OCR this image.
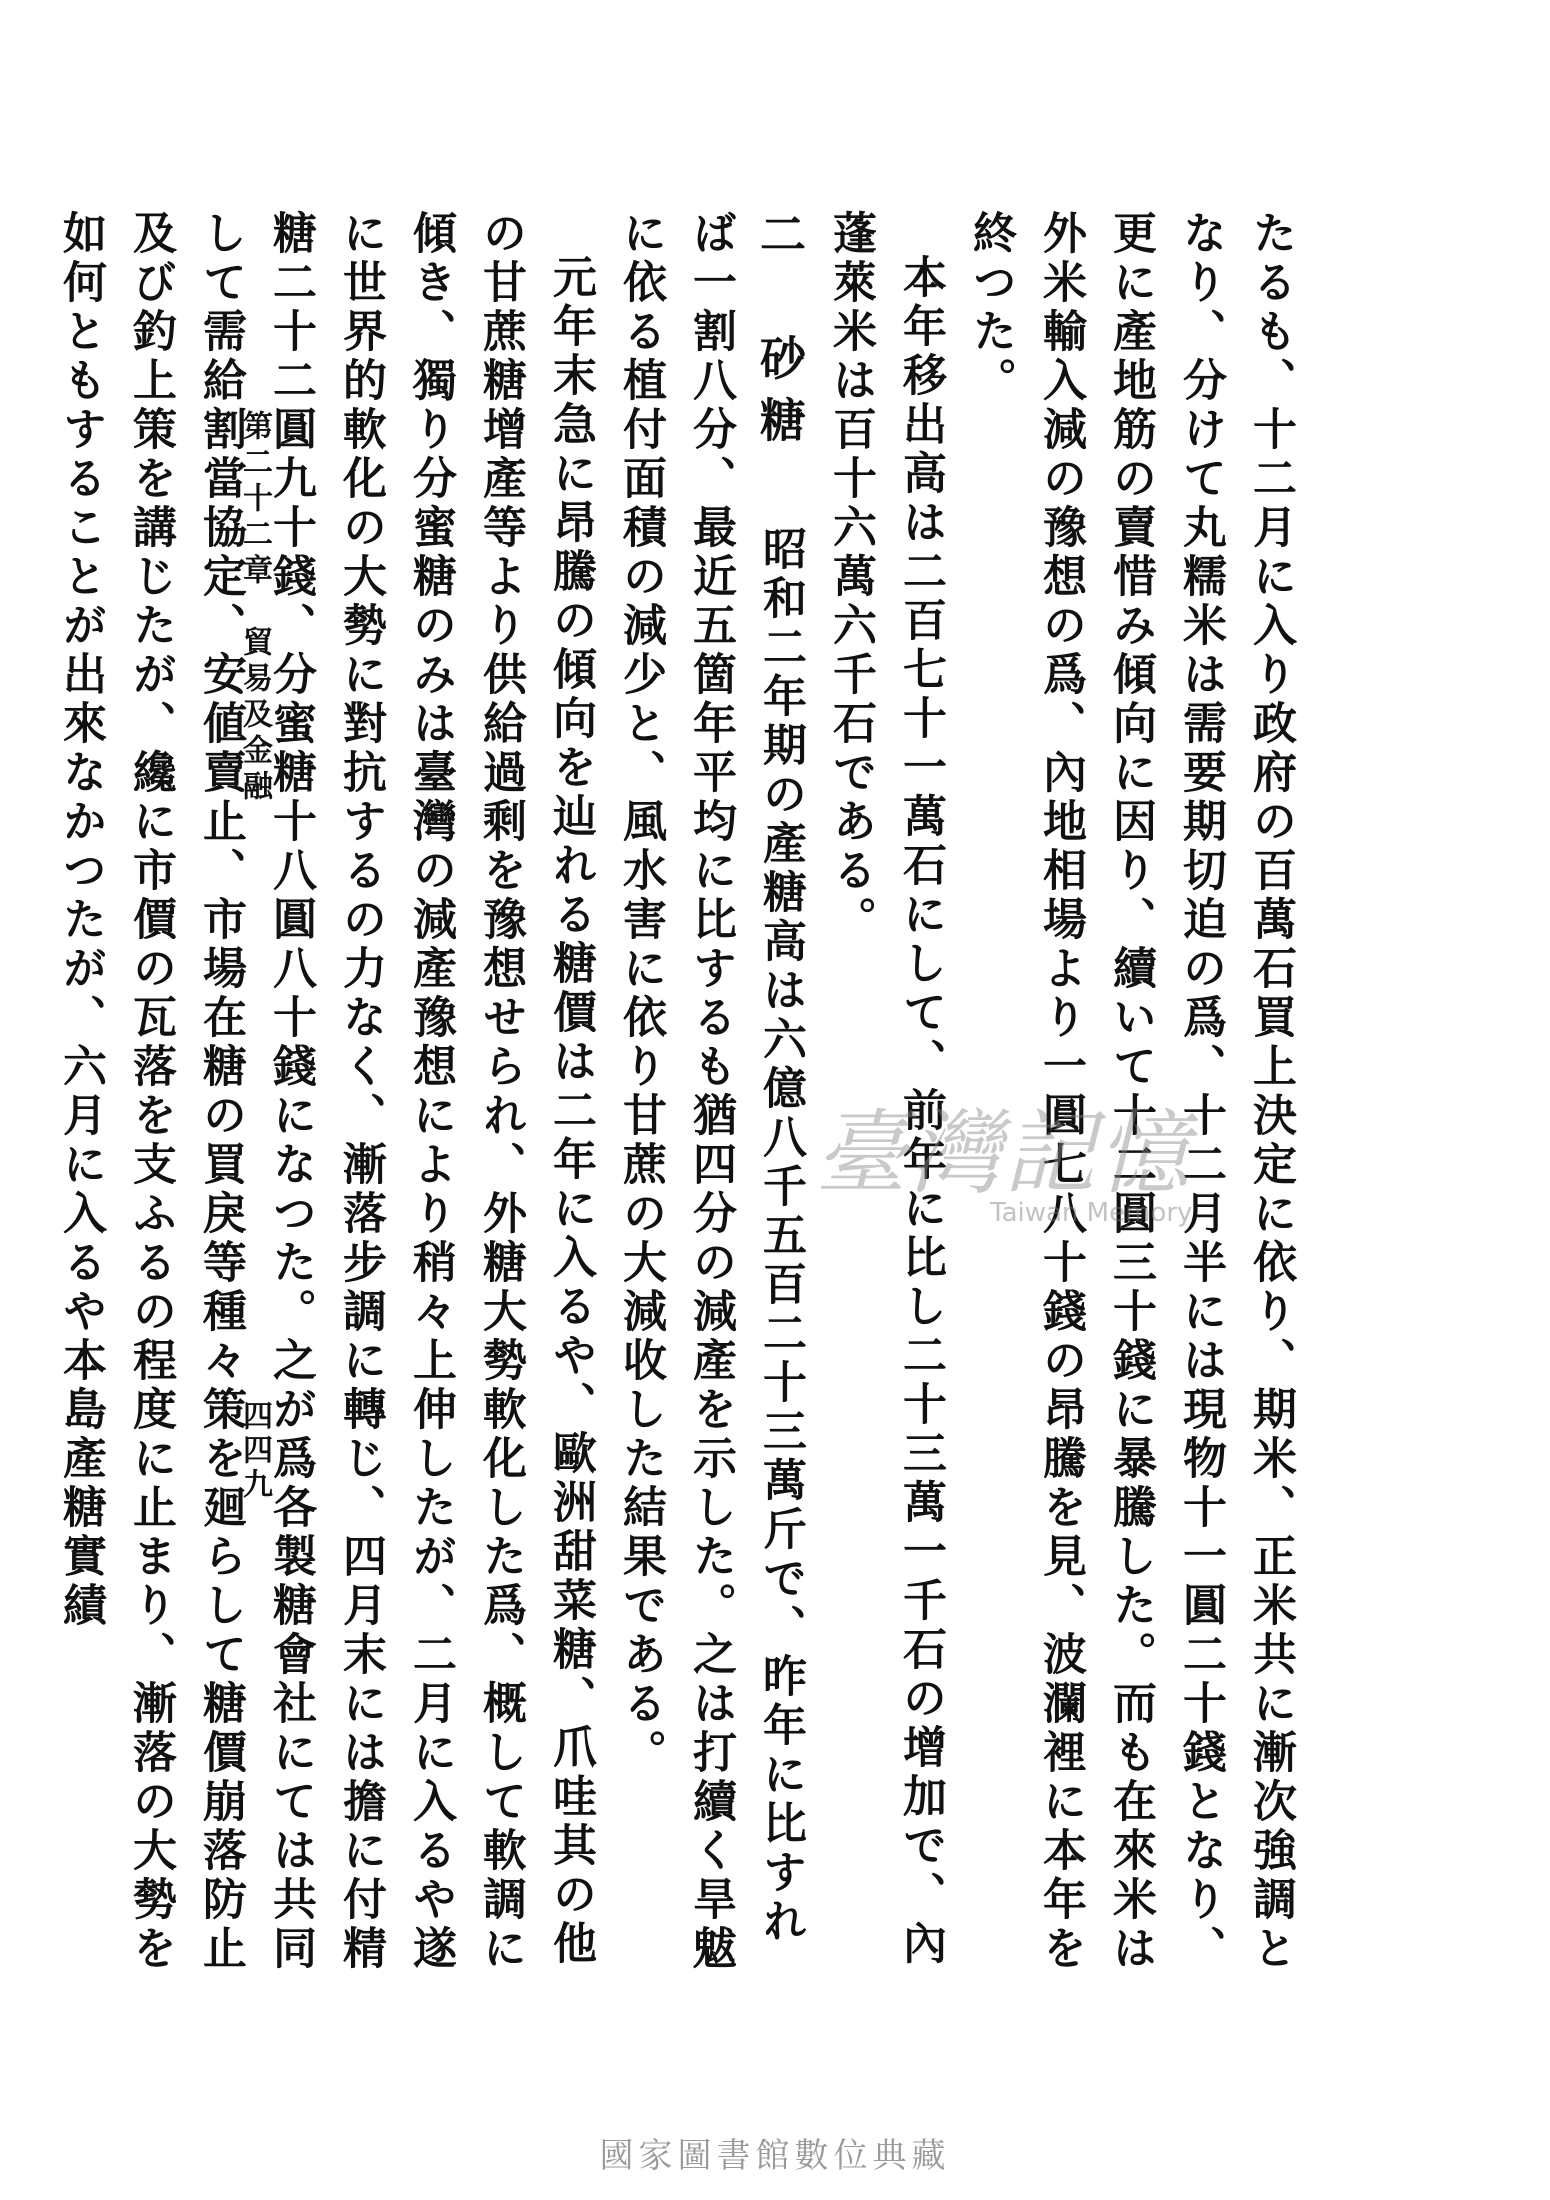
たるも、十二月に入り政府の百萬石買上決定に依り、期米、正米共に漸次強調となり、分けて丸糯米は需要期切迫の爲、十二月半には現物十一圓二十錢となり、更に產地筋の賣惜み傾向に因り、續いて十二圓三十錢に暴騰した。而も在來米は外米輸入減の豫想の爲、內地相場より一圓七八十錢の昂騰を見、波瀾裡に本年を終つた。

本年移出高は二百七十一萬石にして、前年に比し二十三萬一千石の增加で、內蓬萊米は百十六萬六千石である。

二　砂糖 昭和二年期の產糖高は六億八千五百二十三萬斤で、昨年に比すれば一割八分、最近五箇年平均に比するも猶四分の減產を示した。之は打續く旱魃に依る植付面積の減少と、風水害に依り甘蔗の大減收した結果である。

元年末急に昂騰の傾向を辿れる糖價は二年に入るや、歐洲甜菜糖、爪哇其の他の甘蔗糖增產等より供給過剩を豫想せられ、外糖大勢軟化した爲、概して軟調に傾き、獨り分蜜糖のみは臺灣の減產豫想により稍々上伸したが、二月に入るや遂に世界的軟化の大勢に對抗するの力なく、漸落步調に轉じ、四月末には擔に付精糖二十二圓九十錢、分蜜糖十八圓八十錢になつた。之が爲各製糖會社にては共同して需給割當協定、安値賣止、市場在糖の買戾等種々策を廻らして糖價崩落防止及び釣上策を講じたが、纔に市價の瓦落を支ふるの程度に止まり、漸落の大勢を如何ともすることが出來なかつたが、六月に入るや本島產糖實績	第二十二章　貿易及金融
四四九
臺灣記憶
Taiwan Memory
國家圖書館數位典藏
